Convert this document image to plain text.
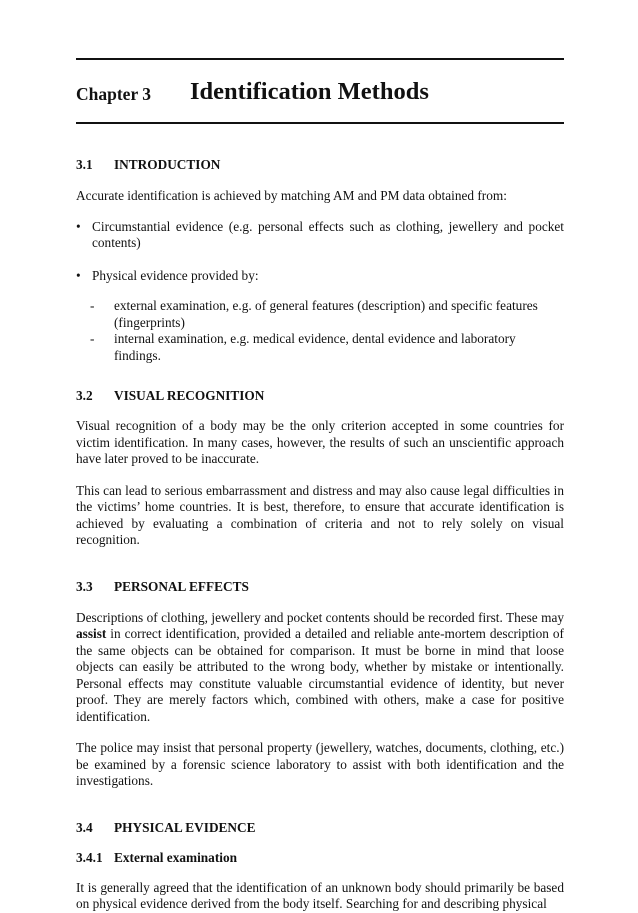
Chapter 3 Identification Methods
3.1 INTRODUCTION

Accurate identification is achieved by matching AM and PM data obtained from:

• Circumstantial evidence (e.g. personal effects such as clothing, jewellery and pocket contents)
• Physical evidence provided by:
- external examination, e.g. of general features (description) and specific features (fingerprints)
- internal examination, e.g. medical evidence, dental evidence and laboratory findings.
3.2 VISUAL RECOGNITION

Visual recognition of a body may be the only criterion accepted in some countries for victim identification. In many cases, however, the results of such an unscientific approach have later proved to be inaccurate.

This can lead to serious embarrassment and distress and may also cause legal difficulties in the victims’ home countries. It is best, therefore, to ensure that accurate identification is achieved by evaluating a combination of criteria and not to rely solely on visual recognition.

3.3 PERSONAL EFFECTS

Descriptions of clothing, jewellery and pocket contents should be recorded first. These may assist in correct identification, provided a detailed and reliable ante-mortem description of the same objects can be obtained for comparison. It must be borne in mind that loose objects can easily be attributed to the wrong body, whether by mistake or intentionally. Personal effects may constitute valuable circumstantial evidence of identity, but never proof. They are merely factors which, combined with others, make a case for positive identification.

The police may insist that personal property (jewellery, watches, documents, clothing, etc.) be examined by a forensic science laboratory to assist with both identification and the investigations.

3.4 PHYSICAL EVIDENCE
3.4.1 External examination

It is generally agreed that the identification of an unknown body should primarily be based on physical evidence derived from the body itself. Searching for and describing physical
